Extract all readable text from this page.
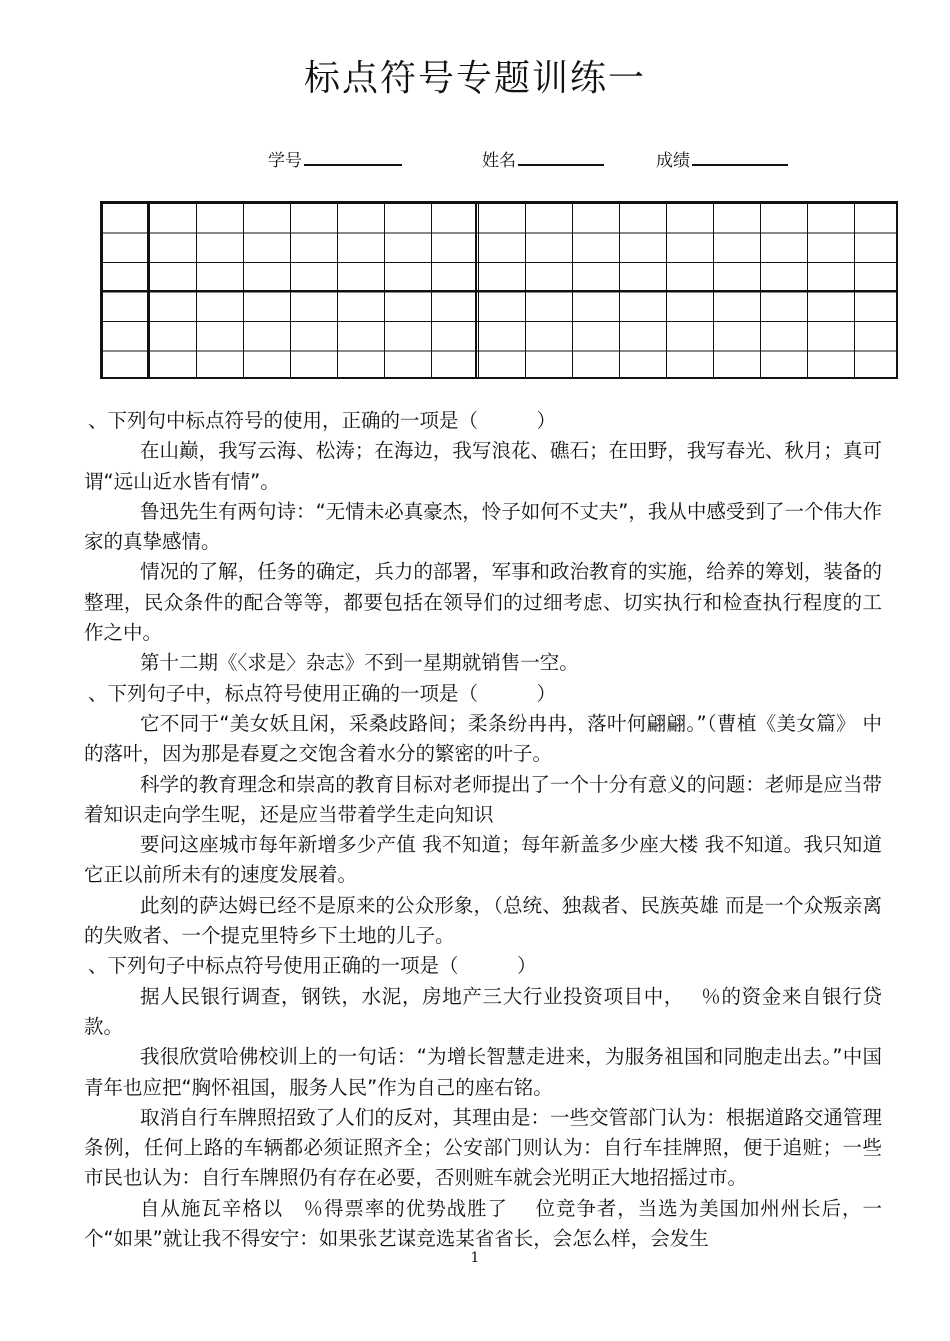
标点符号专题训练一
学号	姓名	成绩

、下列句中标点符号的使用，正确的一项是（　　　）

在山巅，我写云海、松涛；在海边，我写浪花、礁石；在田野，我写春光、秋月；真可谓“远山近水皆有情”。

鲁迅先生有两句诗：“无情未必真豪杰，怜子如何不丈夫”，我从中感受到了一个伟大作家的真挚感情。

情况的了解，任务的确定，兵力的部署，军事和政治教育的实施，给养的筹划，装备的整理，民众条件的配合等等，都要包括在领导们的过细考虑、切实执行和检查执行程度的工作之中。

第十二期《〈求是〉杂志》不到一星期就销售一空。

、下列句子中，标点符号使用正确的一项是（　　　）

它不同于“美女妖且闲，采桑歧路间；柔条纷冉冉，落叶何翩翩。”（曹植《美女篇》 中的落叶，因为那是春夏之交饱含着水分的繁密的叶子。

科学的教育理念和崇高的教育目标对老师提出了一个十分有意义的问题：老师是应当带着知识走向学生呢，还是应当带着学生走向知识

要问这座城市每年新增多少产值 我不知道；每年新盖多少座大楼 我不知道。我只知道它正以前所未有的速度发展着。

此刻的萨达姆已经不是原来的公众形象，（总统、独裁者、民族英雄 而是一个众叛亲离的失败者、一个提克里特乡下土地的儿子。

、下列句子中标点符号使用正确的一项是（　　　）

据人民银行调查，钢铁，水泥，房地产三大行业投资项目中，　 ％的资金来自银行贷款。

我很欣赏哈佛校训上的一句话：“为增长智慧走进来，为服务祖国和同胞走出去。”中国青年也应把“胸怀祖国，服务人民”作为自己的座右铭。

取消自行车牌照招致了人们的反对，其理由是：一些交管部门认为：根据道路交通管理条例，任何上路的车辆都必须证照齐全；公安部门则认为：自行车挂牌照，便于追赃；一些市民也认为：自行车牌照仍有存在必要，否则赃车就会光明正大地招摇过市。

自从施瓦辛格以　％得票率的优势战胜了　 位竞争者，当选为美国加州州长后，一个“如果”就让我不得安宁：如果张艺谋竞选某省省长，会怎么样，会发生

1
